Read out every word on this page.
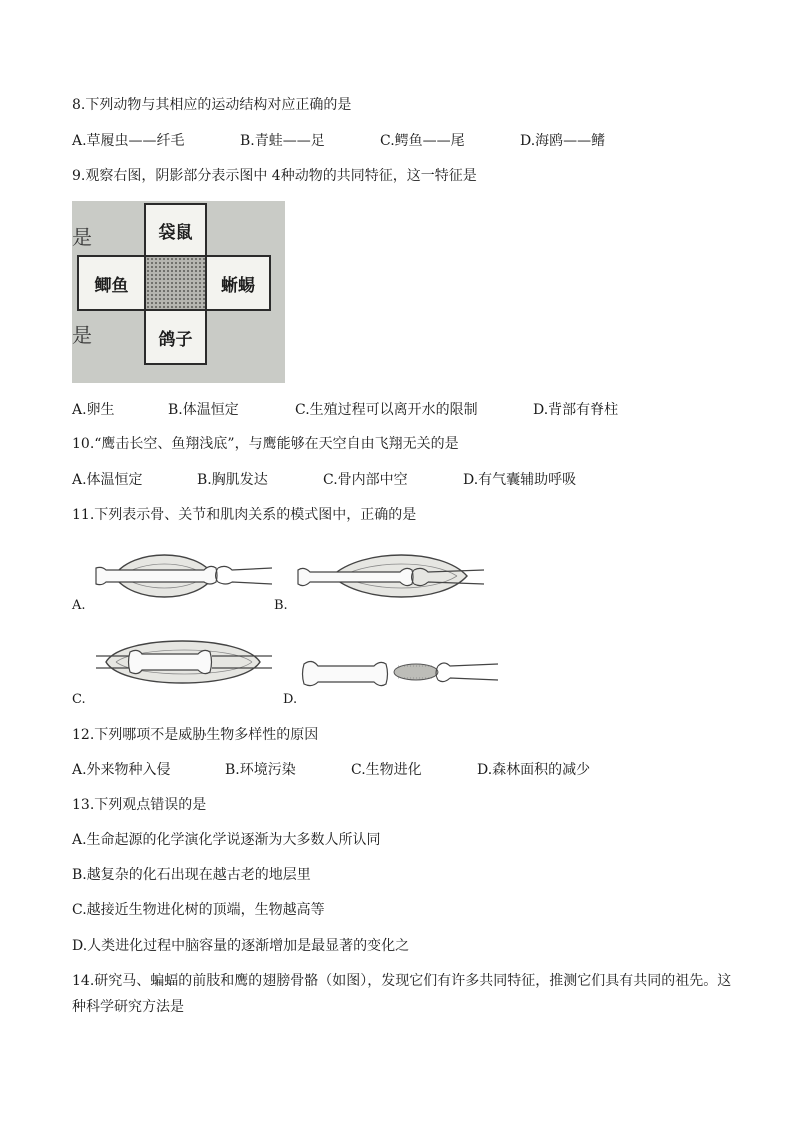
8.下列动物与其相应的运动结构对应正确的是
A.草履虫——纤毛	B.青蛙——足	C.鳄鱼——尾	D.海鸥——鳍
9.观察右图，阴影部分表示图中 4种动物的共同特征，这一特征是
是
是
袋鼠
鲫鱼	蜥蜴
鸽子
A.卵生	B.体温恒定	C.生殖过程可以离开水的限制	D.背部有脊柱
10.“鹰击长空、鱼翔浅底”，与鹰能够在天空自由飞翔无关的是
A.体温恒定	B.胸肌发达	C.骨内部中空	D.有气囊辅助呼吸
11.下列表示骨、关节和肌肉关系的模式图中，正确的是
A.	B.
C.	D.
12.下列哪项不是威胁生物多样性的原因
A.外来物种入侵	B.环境污染	C.生物进化	D.森林面积的减少
13.下列观点错误的是
A.生命起源的化学演化学说逐渐为大多数人所认同
B.越复杂的化石出现在越古老的地层里
C.越接近生物进化树的顶端，生物越高等
D.人类进化过程中脑容量的逐渐增加是最显著的变化之
14.研究马、蝙蝠的前肢和鹰的翅膀骨骼（如图），发现它们有许多共同特征，推测它们具有共同的祖先。这种科学研究方法是
